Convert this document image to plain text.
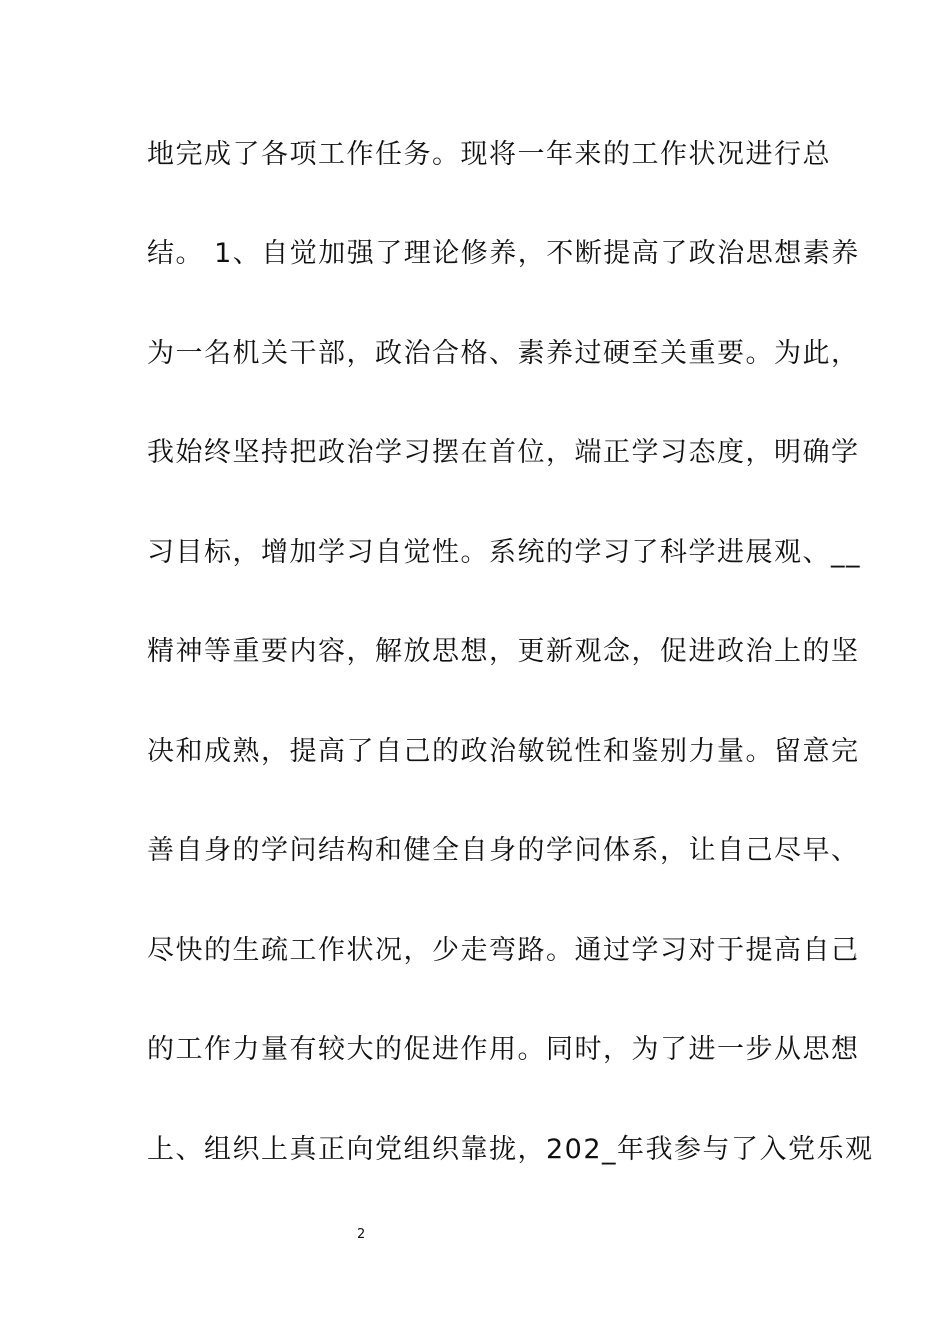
地完成了各项工作任务。现将一年来的工作状况进行总
结。 1、自觉加强了理论修养，不断提高了政治思想素养
为一名机关干部，政治合格、素养过硬至关重要。为此，
我始终坚持把政治学习摆在首位，端正学习态度，明确学
习目标，增加学习自觉性。系统的学习了科学进展观、__
精神等重要内容，解放思想，更新观念，促进政治上的坚
决和成熟，提高了自己的政治敏锐性和鉴别力量。留意完
善自身的学问结构和健全自身的学问体系，让自己尽早、
尽快的生疏工作状况，少走弯路。通过学习对于提高自己
的工作力量有较大的促进作用。同时，为了进一步从思想
上、组织上真正向党组织靠拢，202_年我参与了入党乐观
2
